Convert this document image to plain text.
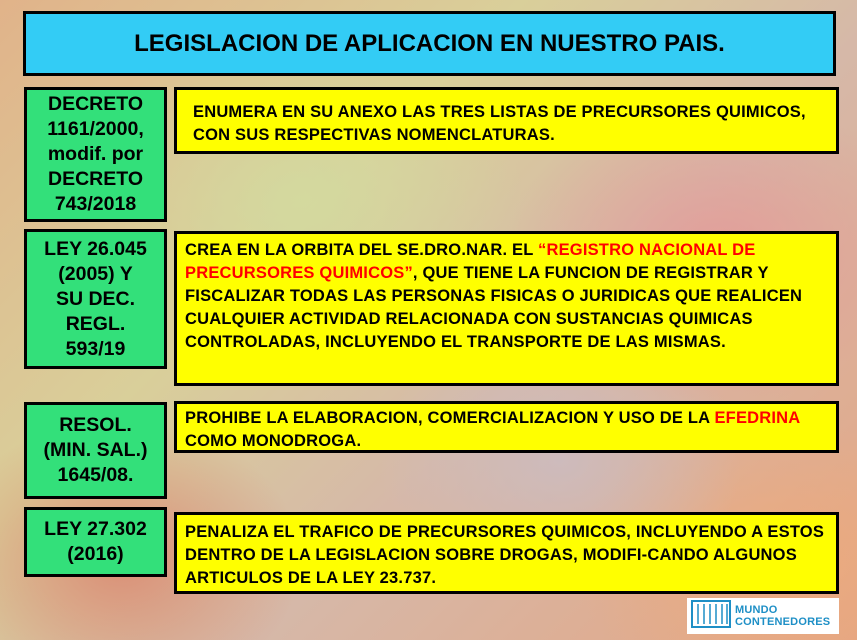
LEGISLACION DE APLICACION EN NUESTRO PAIS.
DECRETO
1161/2000,
modif. por
DECRETO
743/2018
ENUMERA EN SU ANEXO LAS TRES LISTAS DE PRECURSORES QUIMICOS, CON SUS RESPECTIVAS NOMENCLATURAS.
LEY 26.045
(2005) Y
SU DEC.
REGL.
593/19
CREA EN LA ORBITA DEL SE.DRO.NAR. EL “REGISTRO NACIONAL DE PRECURSORES QUIMICOS”, QUE TIENE LA FUNCION DE REGISTRAR Y FISCALIZAR TODAS LAS PERSONAS FISICAS O JURIDICAS QUE REALICEN CUALQUIER ACTIVIDAD RELACIONADA CON SUSTANCIAS QUIMICAS CONTROLADAS, INCLUYENDO EL TRANSPORTE DE LAS MISMAS.
RESOL.
(MIN. SAL.)
1645/08.
PROHIBE LA ELABORACION, COMERCIALIZACION Y USO DE LA EFEDRINA COMO MONODROGA.
LEY 27.302
(2016)
PENALIZA EL TRAFICO DE PRECURSORES QUIMICOS, INCLUYENDO A ESTOS DENTRO DE LA LEGISLACION SOBRE DROGAS, MODIFI-CANDO ALGUNOS ARTICULOS DE LA LEY 23.737.
MUNDO
CONTENEDORES
